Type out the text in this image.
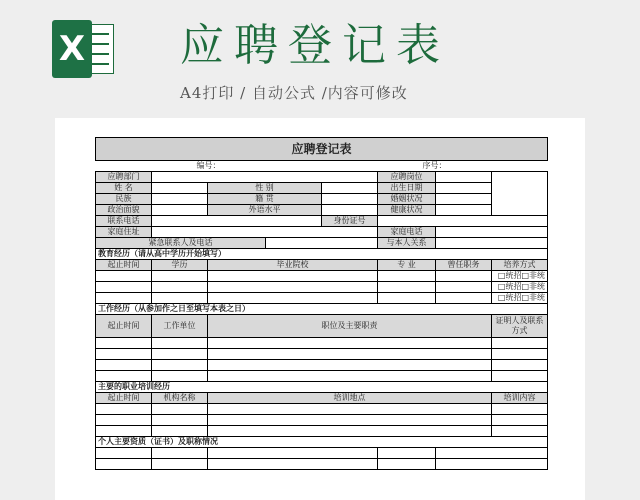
X 应聘登记表
A4打印 / 自动公式 /内容可修改
应聘登记表							
编号：				序号：			
应聘部门					应聘岗位		
姓 名		性 别			出生日期		
民族		籍 贯			婚姻状况		
政治面貌		外语水平			健康状况		
联系电话				身份证号			
家庭住址					家庭电话		
紧急联系人及电话					与本人关系		
教育经历（请从高中学历开始填写）							
起止时间	学历	毕业院校			专 业	曾任职务	培养方式
							□统招□非统
							□统招□非统
							□统招□非统
工作经历（从参加作之日至填写本表之日）							
起止时间	工作单位	职位及主要职责					证明人及联系方式

主要的职业培训经历							
起止时间	机构名称	培训地点					培训内容

个人主要资质（证书）及职称情况							
